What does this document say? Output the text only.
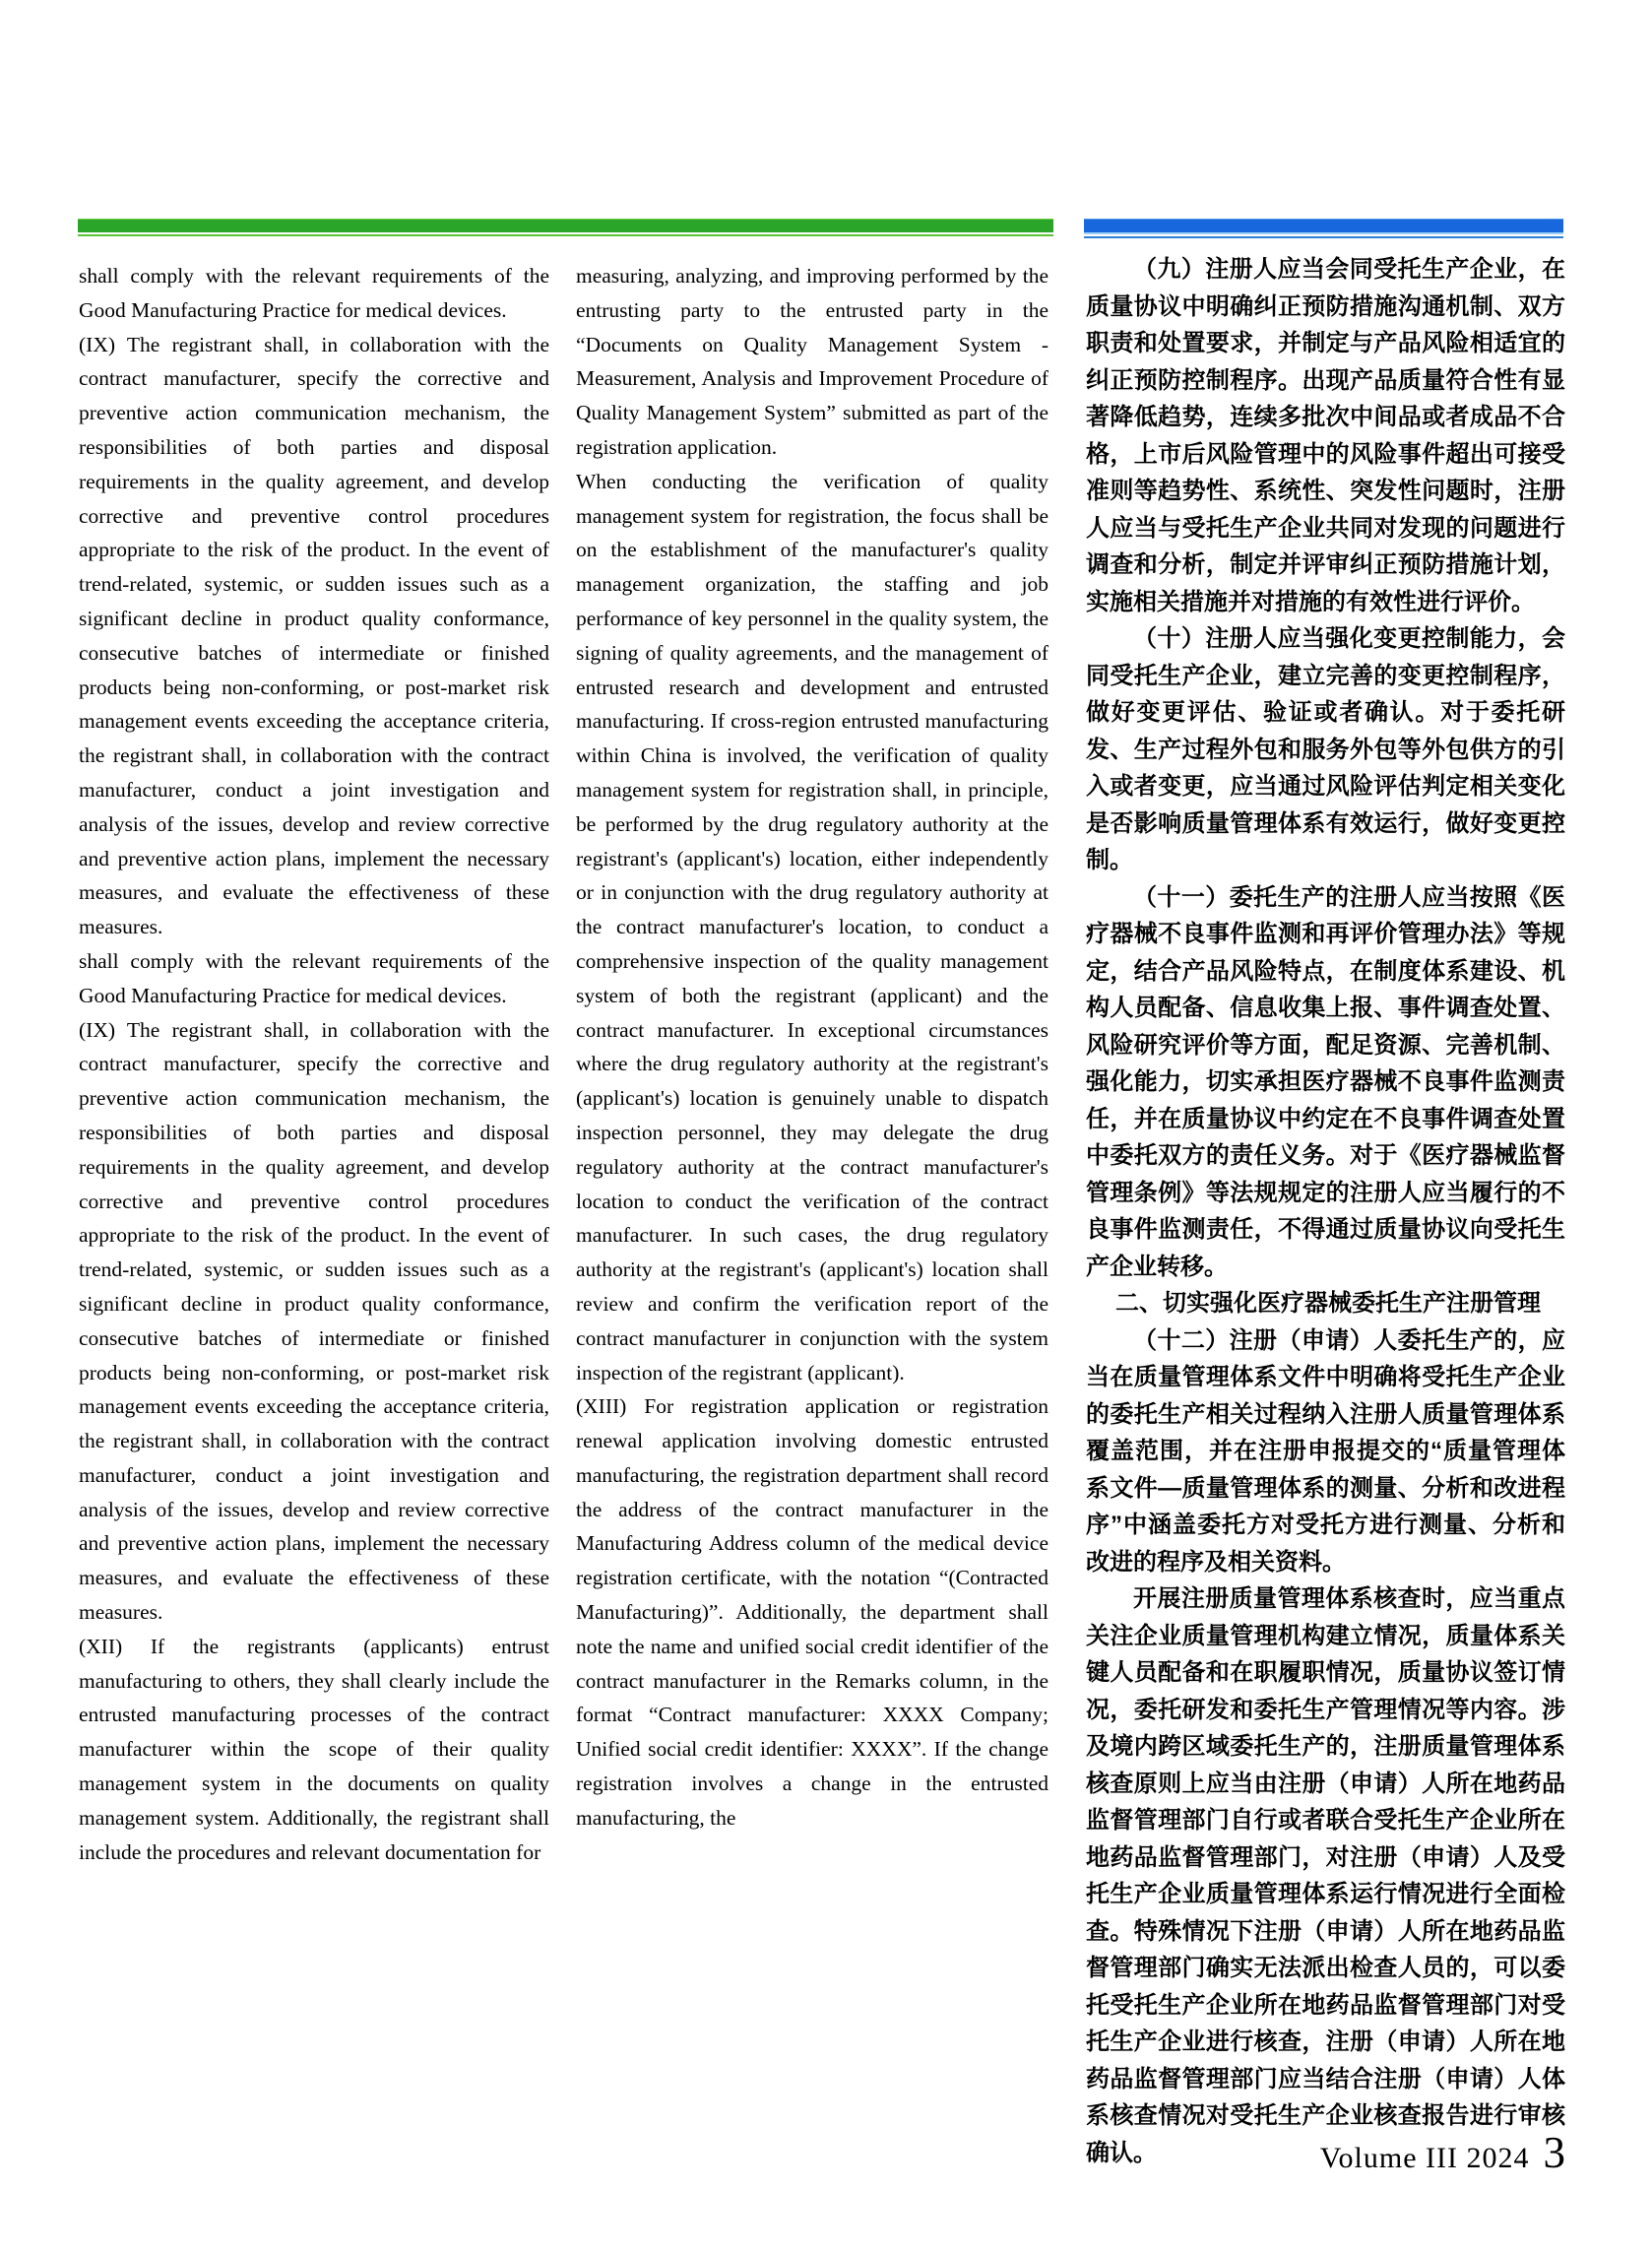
shall comply with the relevant requirements of the Good Manufacturing Practice for medical devices.

(IX) The registrant shall, in collaboration with the contract manufacturer, specify the corrective and preventive action communication mechanism, the responsibilities of both parties and disposal requirements in the quality agreement, and develop corrective and preventive control procedures appropriate to the risk of the product. In the event of trend-related, systemic, or sudden issues such as a significant decline in product quality conformance, consecutive batches of intermediate or finished products being non-conforming, or post-market risk management events exceeding the acceptance criteria, the registrant shall, in collaboration with the contract manufacturer, conduct a joint investigation and analysis of the issues, develop and review corrective and preventive action plans, implement the necessary measures, and evaluate the effectiveness of these measures.

shall comply with the relevant requirements of the Good Manufacturing Practice for medical devices.

(IX) The registrant shall, in collaboration with the contract manufacturer, specify the corrective and preventive action communication mechanism, the responsibilities of both parties and disposal requirements in the quality agreement, and develop corrective and preventive control procedures appropriate to the risk of the product. In the event of trend-related, systemic, or sudden issues such as a significant decline in product quality conformance, consecutive batches of intermediate or finished products being non-conforming, or post-market risk management events exceeding the acceptance criteria, the registrant shall, in collaboration with the contract manufacturer, conduct a joint investigation and analysis of the issues, develop and review corrective and preventive action plans, implement the necessary measures, and evaluate the effectiveness of these measures.

(XII) If the registrants (applicants) entrust manufacturing to others, they shall clearly include the entrusted manufacturing processes of the contract manufacturer within the scope of their quality management system in the documents on quality management system. Additionally, the registrant shall include the procedures and relevant documentation for

measuring, analyzing, and improving performed by the entrusting party to the entrusted party in the “Documents on Quality Management System - Measurement, Analysis and Improvement Procedure of Quality Management System” submitted as part of the registration application.

When conducting the verification of quality management system for registration, the focus shall be on the establishment of the manufacturer's quality management organization, the staffing and job performance of key personnel in the quality system, the signing of quality agreements, and the management of entrusted research and development and entrusted manufacturing. If cross-region entrusted manufacturing within China is involved, the verification of quality management system for registration shall, in principle, be performed by the drug regulatory authority at the registrant's (applicant's) location, either independently or in conjunction with the drug regulatory authority at the contract manufacturer's location, to conduct a comprehensive inspection of the quality management system of both the registrant (applicant) and the contract manufacturer. In exceptional circumstances where the drug regulatory authority at the registrant's (applicant's) location is genuinely unable to dispatch inspection personnel, they may delegate the drug regulatory authority at the contract manufacturer's location to conduct the verification of the contract manufacturer. In such cases, the drug regulatory authority at the registrant's (applicant's) location shall review and confirm the verification report of the contract manufacturer in conjunction with the system inspection of the registrant (applicant).

(XIII) For registration application or registration renewal application involving domestic entrusted manufacturing, the registration department shall record the address of the contract manufacturer in the Manufacturing Address column of the medical device registration certificate, with the notation “(Contracted Manufacturing)”. Additionally, the department shall note the name and unified social credit identifier of the contract manufacturer in the Remarks column, in the format “Contract manufacturer: XXXX Company; Unified social credit identifier: XXXX”. If the change registration involves a change in the entrusted manufacturing, the

（九）注册人应当会同受托生产企业，在质量协议中明确纠正预防措施沟通机制、双方职责和处置要求，并制定与产品风险相适宜的纠正预防控制程序。出现产品质量符合性有显著降低趋势，连续多批次中间品或者成品不合格，上市后风险管理中的风险事件超出可接受准则等趋势性、系统性、突发性问题时，注册人应当与受托生产企业共同对发现的问题进行调查和分析，制定并评审纠正预防措施计划，实施相关措施并对措施的有效性进行评价。

（十）注册人应当强化变更控制能力，会同受托生产企业，建立完善的变更控制程序，做好变更评估、验证或者确认。对于委托研发、生产过程外包和服务外包等外包供方的引入或者变更，应当通过风险评估判定相关变化是否影响质量管理体系有效运行，做好变更控制。

（十一）委托生产的注册人应当按照《医疗器械不良事件监测和再评价管理办法》等规定，结合产品风险特点，在制度体系建设、机构人员配备、信息收集上报、事件调查处置、风险研究评价等方面，配足资源、完善机制、强化能力，切实承担医疗器械不良事件监测责任，并在质量协议中约定在不良事件调查处置中委托双方的责任义务。对于《医疗器械监督管理条例》等法规规定的注册人应当履行的不良事件监测责任，不得通过质量协议向受托生产企业转移。

二、切实强化医疗器械委托生产注册管理

（十二）注册（申请）人委托生产的，应当在质量管理体系文件中明确将受托生产企业的委托生产相关过程纳入注册人质量管理体系覆盖范围，并在注册申报提交的“质量管理体系文件—质量管理体系的测量、分析和改进程序”中涵盖委托方对受托方进行测量、分析和改进的程序及相关资料。

开展注册质量管理体系核查时，应当重点关注企业质量管理机构建立情况，质量体系关键人员配备和在职履职情况，质量协议签订情况，委托研发和委托生产管理情况等内容。涉及境内跨区域委托生产的，注册质量管理体系核查原则上应当由注册（申请）人所在地药品监督管理部门自行或者联合受托生产企业所在地药品监督管理部门，对注册（申请）人及受托生产企业质量管理体系运行情况进行全面检查。特殊情况下注册（申请）人所在地药品监督管理部门确实无法派出检查人员的，可以委托受托生产企业所在地药品监督管理部门对受托生产企业进行核查，注册（申请）人所在地药品监督管理部门应当结合注册（申请）人体系核查情况对受托生产企业核查报告进行审核确认。	Volume III 2024 3
